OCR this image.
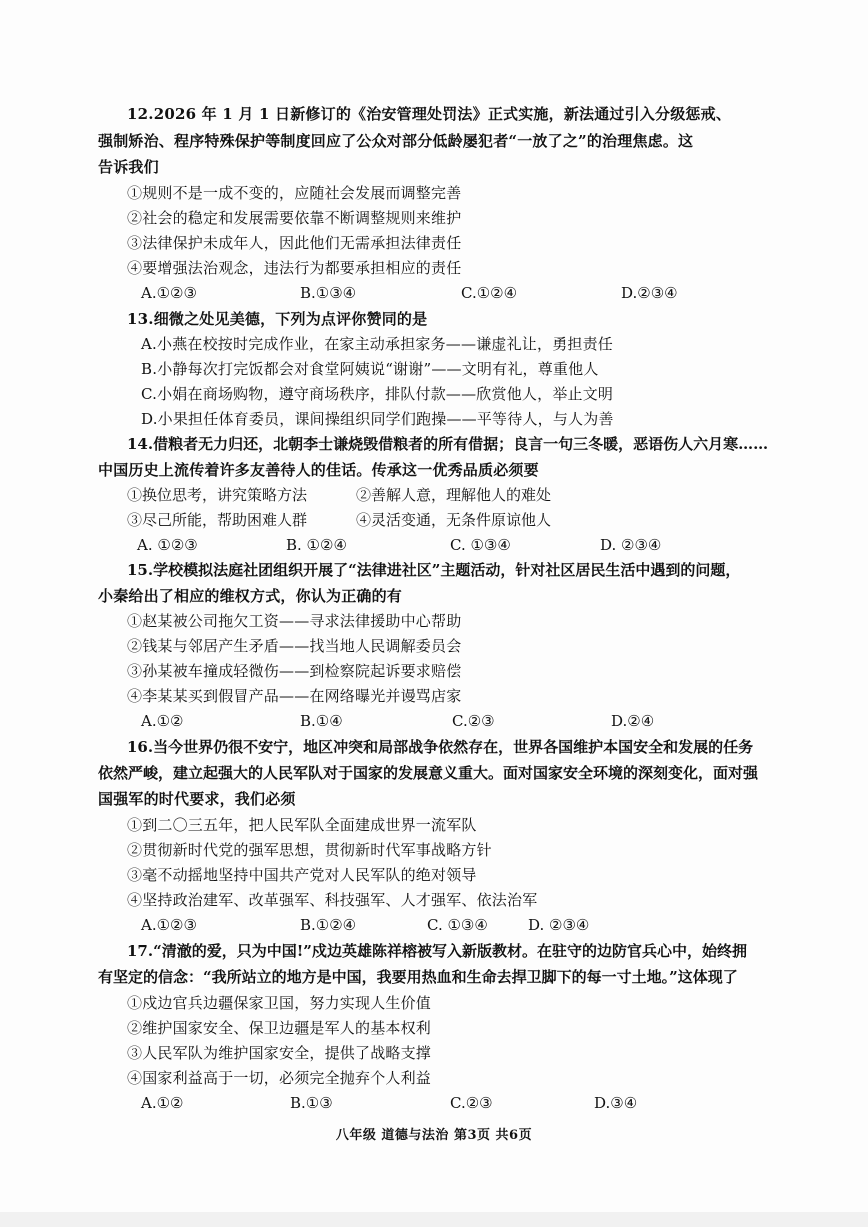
12.2026 年 1 月 1 日新修订的《治安管理处罚法》正式实施，新法通过引入分级惩戒、
强制矫治、程序特殊保护等制度回应了公众对部分低龄屡犯者“一放了之”的治理焦虑。这
告诉我们
①规则不是一成不变的，应随社会发展而调整完善
②社会的稳定和发展需要依靠不断调整规则来维护
③法律保护未成年人，因此他们无需承担法律责任
④要增强法治观念，违法行为都要承担相应的责任
A.①②③	B.①③④	C.①②④	D.②③④
13.细微之处见美德，下列为点评你赞同的是
A.小燕在校按时完成作业，在家主动承担家务——谦虚礼让，勇担责任
B.小静每次打完饭都会对食堂阿姨说“谢谢”——文明有礼，尊重他人
C.小娟在商场购物，遵守商场秩序，排队付款——欣赏他人，举止文明
D.小果担任体育委员，课间操组织同学们跑操——平等待人，与人为善
14.借粮者无力归还，北朝李士谦烧毁借粮者的所有借据；良言一句三冬暖，恶语伤人六月寒……
中国历史上流传着许多友善待人的佳话。传承这一优秀品质必须要
①换位思考，讲究策略方法	②善解人意，理解他人的难处
③尽己所能，帮助困难人群	④灵活变通，无条件原谅他人
A. ①②③	B. ①②④	C. ①③④	D. ②③④
15.学校模拟法庭社团组织开展了“法律进社区”主题活动，针对社区居民生活中遇到的问题，
小秦给出了相应的维权方式，你认为正确的有
①赵某被公司拖欠工资——寻求法律援助中心帮助
②钱某与邻居产生矛盾——找当地人民调解委员会
③孙某被车撞成轻微伤——到检察院起诉要求赔偿
④李某某买到假冒产品——在网络曝光并谩骂店家
A.①②	B.①④	C.②③	D.②④
16.当今世界仍很不安宁，地区冲突和局部战争依然存在，世界各国维护本国安全和发展的任务
依然严峻，建立起强大的人民军队对于国家的发展意义重大。面对国家安全环境的深刻变化，面对强
国强军的时代要求，我们必须
①到二〇三五年，把人民军队全面建成世界一流军队
②贯彻新时代党的强军思想，贯彻新时代军事战略方针
③毫不动摇地坚持中国共产党对人民军队的绝对领导
④坚持政治建军、改革强军、科技强军、人才强军、依法治军
A.①②③	B.①②④	C. ①③④	D. ②③④
17.“清澈的爱，只为中国!”戍边英雄陈祥榕被写入新版教材。在驻守的边防官兵心中，始终拥
有坚定的信念：“我所站立的地方是中国，我要用热血和生命去捍卫脚下的每一寸土地。”这体现了
①戍边官兵边疆保家卫国，努力实现人生价值
②维护国家安全、保卫边疆是军人的基本权利
③人民军队为维护国家安全，提供了战略支撑
④国家利益高于一切，必须完全抛弃个人利益
A.①②	B.①③	C.②③	D.③④
八年级 道德与法治 第3页 共6页
